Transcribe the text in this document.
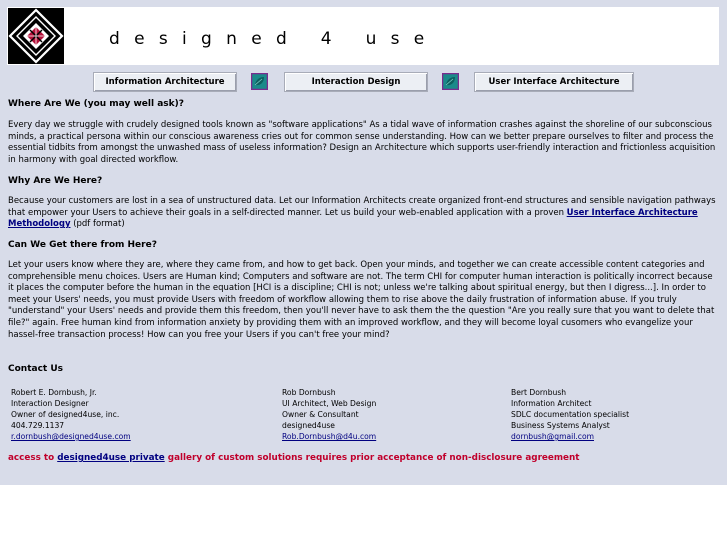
designed 4 use
Information Architecture	Interaction Design	User Interface Architecture
Where Are We (you may well ask)?
Every day we struggle with crudely designed tools known as "software applications" As a tidal wave of information crashes against the shoreline of our subconscious minds, a practical persona within our conscious awareness cries out for common sense understanding. How can we better prepare ourselves to filter and process the essential tidbits from amongst the unwashed mass of useless information? Design an Architecture which supports user-friendly interaction and frictionless acquisition in harmony with goal directed workflow.
Why Are We Here?
Because your customers are lost in a sea of unstructured data. Let our Information Architects create organized front-end structures and sensible navigation pathways that empower your Users to achieve their goals in a self-directed manner. Let us build your web-enabled application with a proven User Interface Architecture Methodology (pdf format)
Can We Get there from Here?
Let your users know where they are, where they came from, and how to get back. Open your minds, and together we can create accessible content categories and comprehensible menu choices. Users are Human kind; Computers and software are not. The term CHI for computer human interaction is politically incorrect because it places the computer before the human in the equation [HCI is a discipline; CHI is not; unless we're talking about spiritual energy, but then I digress...]. In order to meet your Users' needs, you must provide Users with freedom of workflow allowing them to rise above the daily frustration of information abuse. If you truly "understand" your Users' needs and provide them this freedom, then you'll never have to ask them the the question "Are you really sure that you want to delete that file?" again. Free human kind from information anxiety by providing them with an improved workflow, and they will become loyal cusomers who evangelize your hassel-free transaction process! How can you free your Users if you can't free your mind?
Contact Us
Robert E. Dornbush, Jr.
Interaction Designer
Owner of designed4use, inc.
404.729.1137
r.dornbush@designed4use.com
Rob Dornbush
UI Architect, Web Design
Owner & Consultant
designed4use
Rob.Dornbush@d4u.com
Bert Dornbush
Information Architect
SDLC documentation specialist
Business Systems Analyst
dornbush@gmail.com
access to designed4use private gallery of custom solutions requires prior acceptance of non-disclosure agreement
